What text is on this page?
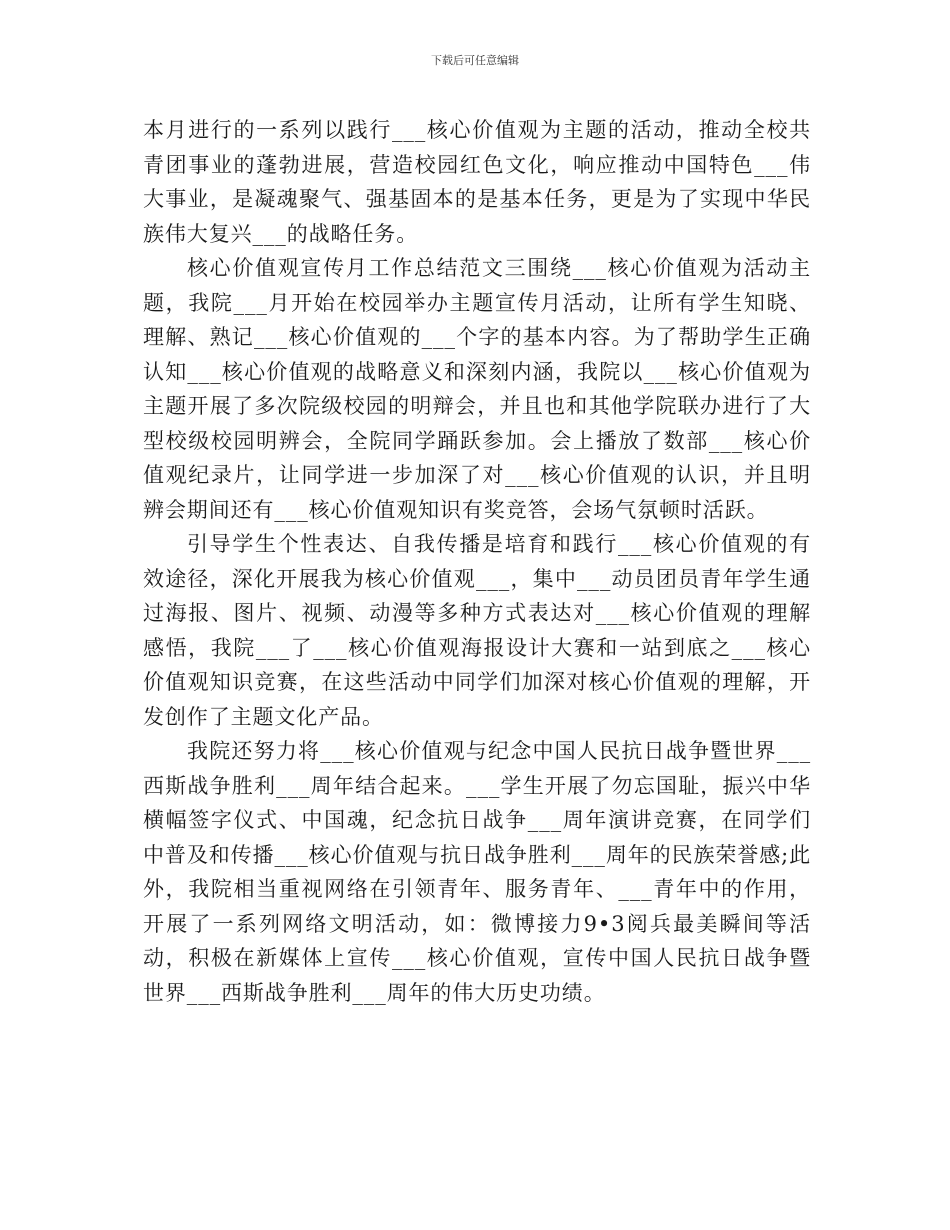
下载后可任意编辑

本月进行的一系列以践行___核心价值观为主题的活动，推动全校共青团事业的蓬勃进展，营造校园红色文化，响应推动中国特色___伟大事业，是凝魂聚气、强基固本的是基本任务，更是为了实现中华民族伟大复兴___的战略任务。

核心价值观宣传月工作总结范文三围绕___核心价值观为活动主题，我院___月开始在校园举办主题宣传月活动，让所有学生知晓、理解、熟记___核心价值观的___个字的基本内容。为了帮助学生正确认知___核心价值观的战略意义和深刻内涵，我院以___核心价值观为主题开展了多次院级校园的明辩会，并且也和其他学院联办进行了大型校级校园明辨会，全院同学踊跃参加。会上播放了数部___核心价值观纪录片，让同学进一步加深了对___核心价值观的认识，并且明辨会期间还有___核心价值观知识有奖竞答，会场气氛顿时活跃。

引导学生个性表达、自我传播是培育和践行___核心价值观的有效途径，深化开展我为核心价值观___，集中___动员团员青年学生通过海报、图片、视频、动漫等多种方式表达对___核心价值观的理解感悟，我院___了___核心价值观海报设计大赛和一站到底之___核心价值观知识竞赛，在这些活动中同学们加深对核心价值观的理解，开发创作了主题文化产品。

我院还努力将___核心价值观与纪念中国人民抗日战争暨世界___西斯战争胜利___周年结合起来。___学生开展了勿忘国耻，振兴中华横幅签字仪式、中国魂，纪念抗日战争___周年演讲竞赛，在同学们中普及和传播___核心价值观与抗日战争胜利___周年的民族荣誉感;此外，我院相当重视网络在引领青年、服务青年、___青年中的作用，开展了一系列网络文明活动，如：微博接力9•3阅兵最美瞬间等活动，积极在新媒体上宣传___核心价值观，宣传中国人民抗日战争暨世界___西斯战争胜利___周年的伟大历史功绩。
